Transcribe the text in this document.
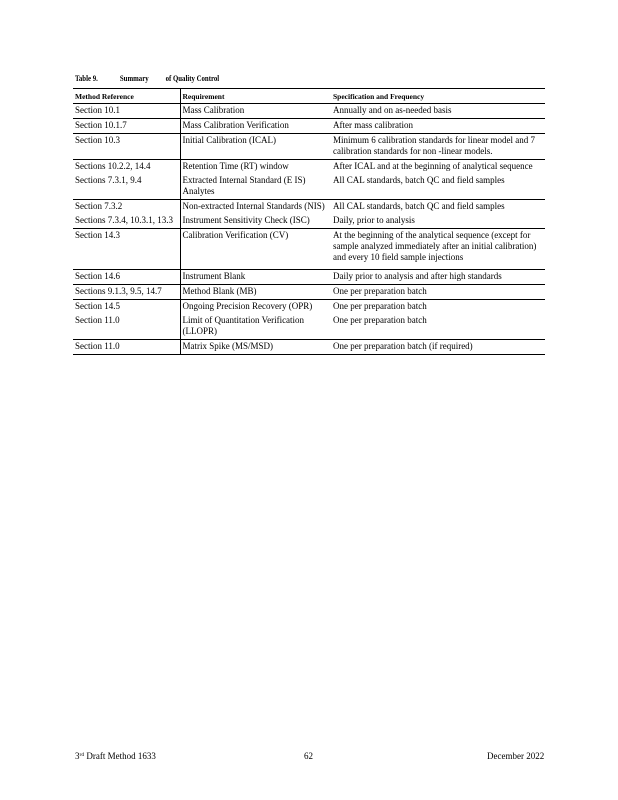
Table 9.	Summary of Quality Control
Method Reference	Requirement	Specification and Frequency
Section 10.1	Mass Calibration	Annually and on as-needed basis
Section 10.1.7	Mass Calibration Verification	After mass calibration
Section 10.3	Initial Calibration (ICAL)	Minimum 6 calibration standards for linear model and 7 calibration standards for non -linear models.
Sections 10.2.2, 14.4	Retention Time (RT) window	After ICAL and at the beginning of analytical sequence
Sections 7.3.1, 9.4	Extracted Internal Standard (E IS) Analytes	All CAL standards, batch QC and field samples
Section 7.3.2	Non-extracted Internal Standards (NIS)	All CAL standards, batch QC and field samples
Sections 7.3.4, 10.3.1, 13.3	Instrument Sensitivity Check (ISC)	Daily, prior to analysis
Section 14.3	Calibration Verification (CV)	At the beginning of the analytical sequence (except for sample analyzed immediately after an initial calibration) and every 10 field sample injections
Section 14.6	Instrument Blank	Daily prior to analysis and after high standards
Sections 9.1.3, 9.5, 14.7	Method Blank (MB)	One per preparation batch
Section 14.5	Ongoing Precision Recovery (OPR)	One per preparation batch
Section 11.0	Limit of Quantitation Verification (LLOPR)	One per preparation batch
Section 11.0	Matrix Spike (MS/MSD)	One per preparation batch (if required)
3rd Draft Method 1633	62	December 2022
